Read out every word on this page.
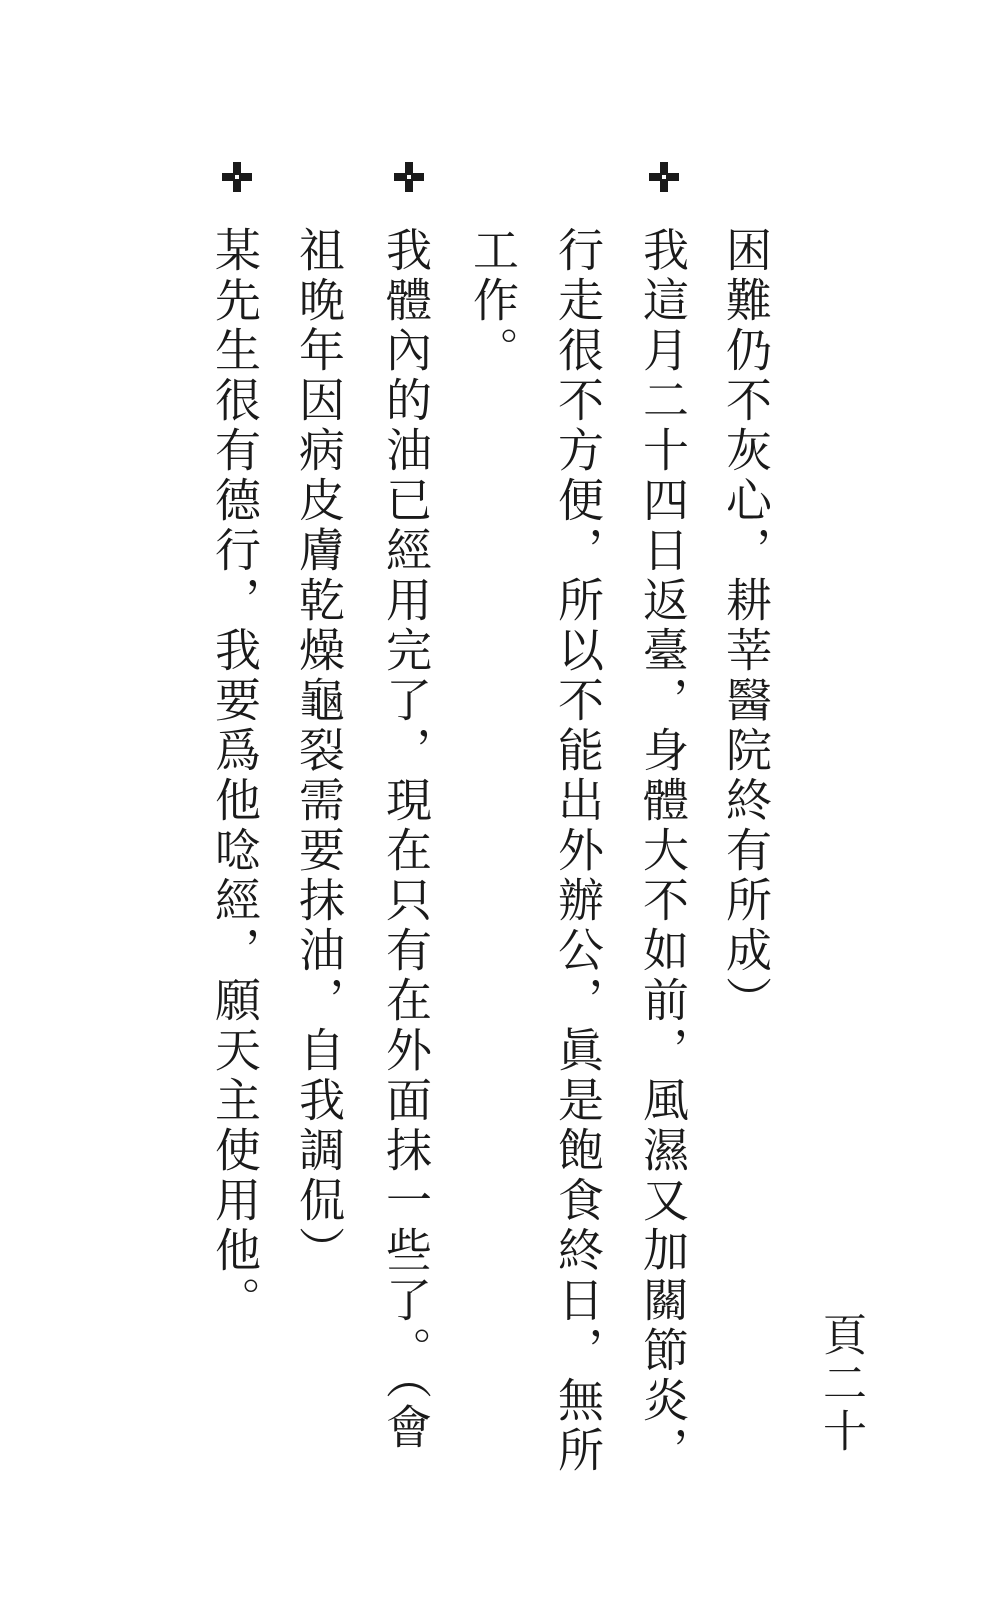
困難仍不灰心，耕莘醫院終有所成）
我這月二十四日返臺，身體大不如前，風濕又加關節炎，
行走很不方便，所以不能出外辦公，眞是飽食終日，無所
工作。
我體內的油已經用完了，現在只有在外面抹一些了。（會
祖晚年因病皮膚乾燥龜裂需要抹油，自我調侃）
某先生很有德行，我要爲他唸經，願天主使用他。
頁二十
